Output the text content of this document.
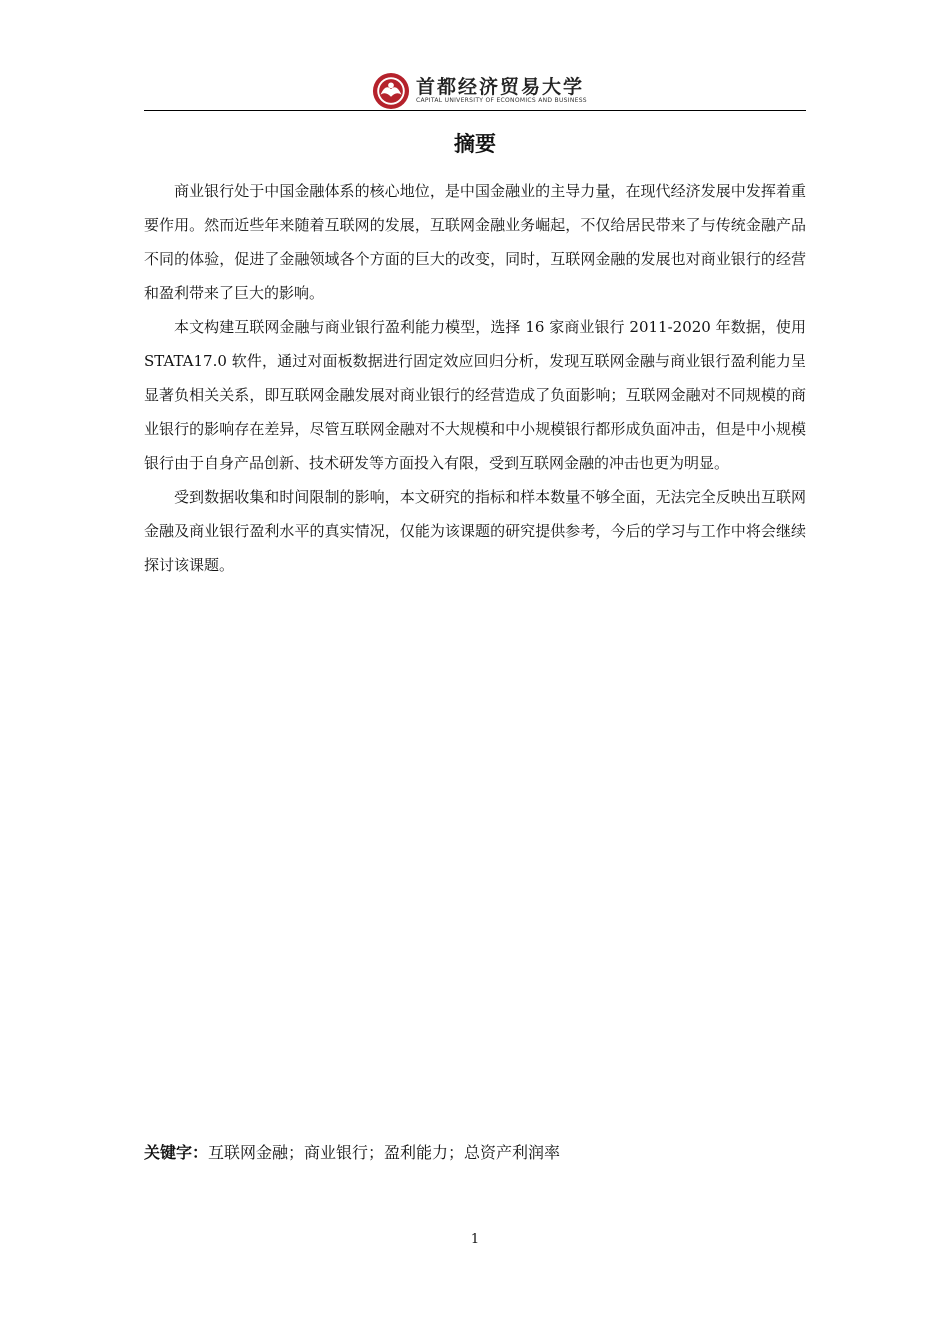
首都经济贸易大学
CAPITAL UNIVERSITY OF ECONOMICS AND BUSINESS
摘要

商业银行处于中国金融体系的核心地位，是中国金融业的主导力量，在现代经济发展中发挥着重要作用。然而近些年来随着互联网的发展，互联网金融业务崛起，不仅给居民带来了与传统金融产品不同的体验，促进了金融领域各个方面的巨大的改变，同时，互联网金融的发展也对商业银行的经营和盈利带来了巨大的影响。

本文构建互联网金融与商业银行盈利能力模型，选择 16 家商业银行 2011-2020 年数据，使用 STATA17.0 软件，通过对面板数据进行固定效应回归分析，发现互联网金融与商业银行盈利能力呈显著负相关关系，即互联网金融发展对商业银行的经营造成了负面影响；互联网金融对不同规模的商业银行的影响存在差异，尽管互联网金融对不大规模和中小规模银行都形成负面冲击，但是中小规模银行由于自身产品创新、技术研发等方面投入有限，受到互联网金融的冲击也更为明显。

受到数据收集和时间限制的影响，本文研究的指标和样本数量不够全面，无法完全反映出互联网金融及商业银行盈利水平的真实情况，仅能为该课题的研究提供参考，今后的学习与工作中将会继续探讨该课题。

关键字：互联网金融；商业银行；盈利能力；总资产利润率
1
